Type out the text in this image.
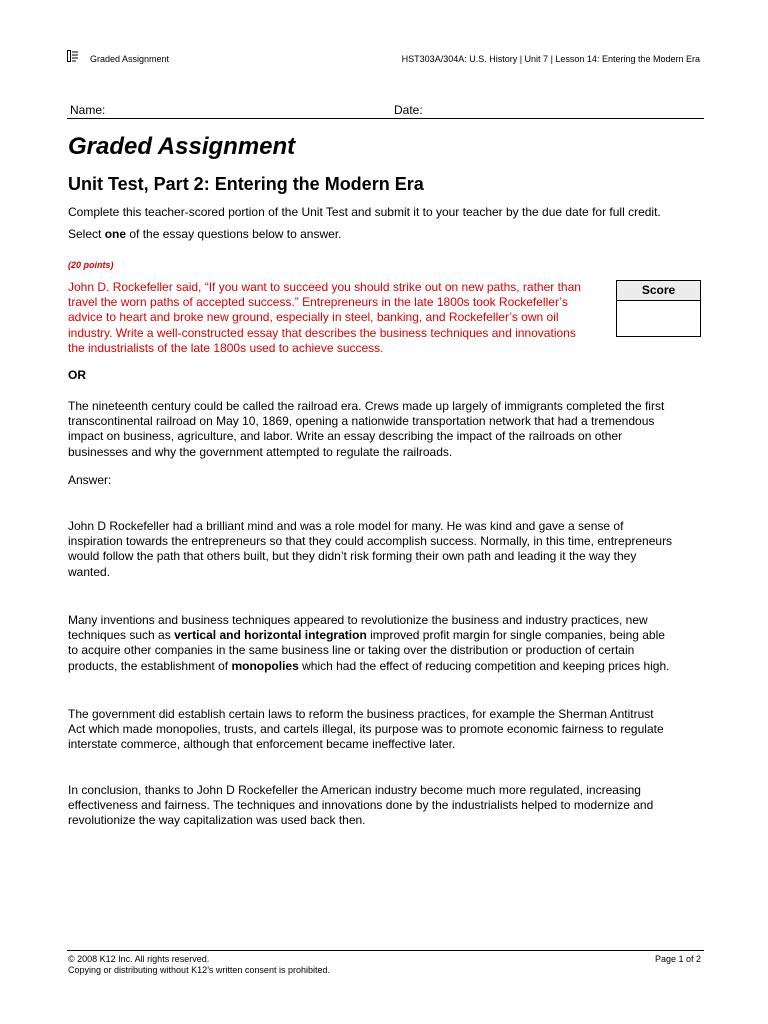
Graded Assignment	HST303A/304A: U.S. History | Unit 7 | Lesson 14: Entering the Modern Era
Name:	Date:
Graded Assignment
Unit Test, Part 2: Entering the Modern Era
Complete this teacher-scored portion of the Unit Test and submit it to your teacher by the due date for full credit.
Select one of the essay questions below to answer.
(20 points)
John D. Rockefeller said, “If you want to succeed you should strike out on new paths, rather than
travel the worn paths of accepted success.” Entrepreneurs in the late 1800s took Rockefeller’s
advice to heart and broke new ground, especially in steel, banking, and Rockefeller’s own oil
industry. Write a well-constructed essay that describes the business techniques and innovations
the industrialists of the late 1800s used to achieve success.
Score
OR
The nineteenth century could be called the railroad era. Crews made up largely of immigrants completed the first
transcontinental railroad on May 10, 1869, opening a nationwide transportation network that had a tremendous
impact on business, agriculture, and labor. Write an essay describing the impact of the railroads on other
businesses and why the government attempted to regulate the railroads.
Answer:
John D Rockefeller had a brilliant mind and was a role model for many. He was kind and gave a sense of
inspiration towards the entrepreneurs so that they could accomplish success. Normally, in this time, entrepreneurs
would follow the path that others built, but they didn’t risk forming their own path and leading it the way they
wanted.
Many inventions and business techniques appeared to revolutionize the business and industry practices, new
techniques such as vertical and horizontal integration improved profit margin for single companies, being able
to acquire other companies in the same business line or taking over the distribution or production of certain
products, the establishment of monopolies which had the effect of reducing competition and keeping prices high.
The government did establish certain laws to reform the business practices, for example the Sherman Antitrust
Act which made monopolies, trusts, and cartels illegal, its purpose was to promote economic fairness to regulate
interstate commerce, although that enforcement became ineffective later.
In conclusion, thanks to John D Rockefeller the American industry become much more regulated, increasing
effectiveness and fairness. The techniques and innovations done by the industrialists helped to modernize and
revolutionize the way capitalization was used back then.
© 2008 K12 Inc. All rights reserved.
Copying or distributing without K12’s written consent is prohibited.
Page 1 of 2
